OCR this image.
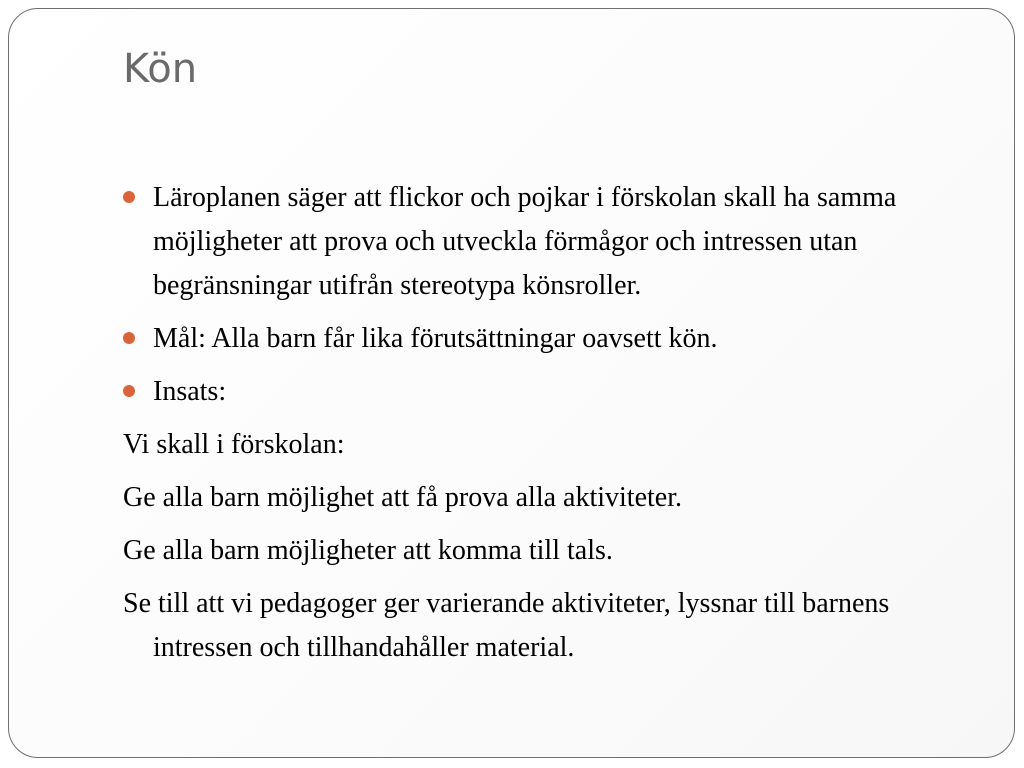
Kön
Läroplanen säger att flickor och pojkar i förskolan skall ha samma möjligheter att prova och utveckla förmågor och intressen utan begränsningar utifrån stereotypa könsroller.
Mål: Alla barn får lika förutsättningar oavsett kön.
Insats:
Vi skall i förskolan:
Ge alla barn möjlighet att få prova alla aktiviteter.
Ge alla barn möjligheter att komma till tals.
Se till att vi pedagoger ger varierande aktiviteter, lyssnar till barnens intressen och tillhandahåller material.
